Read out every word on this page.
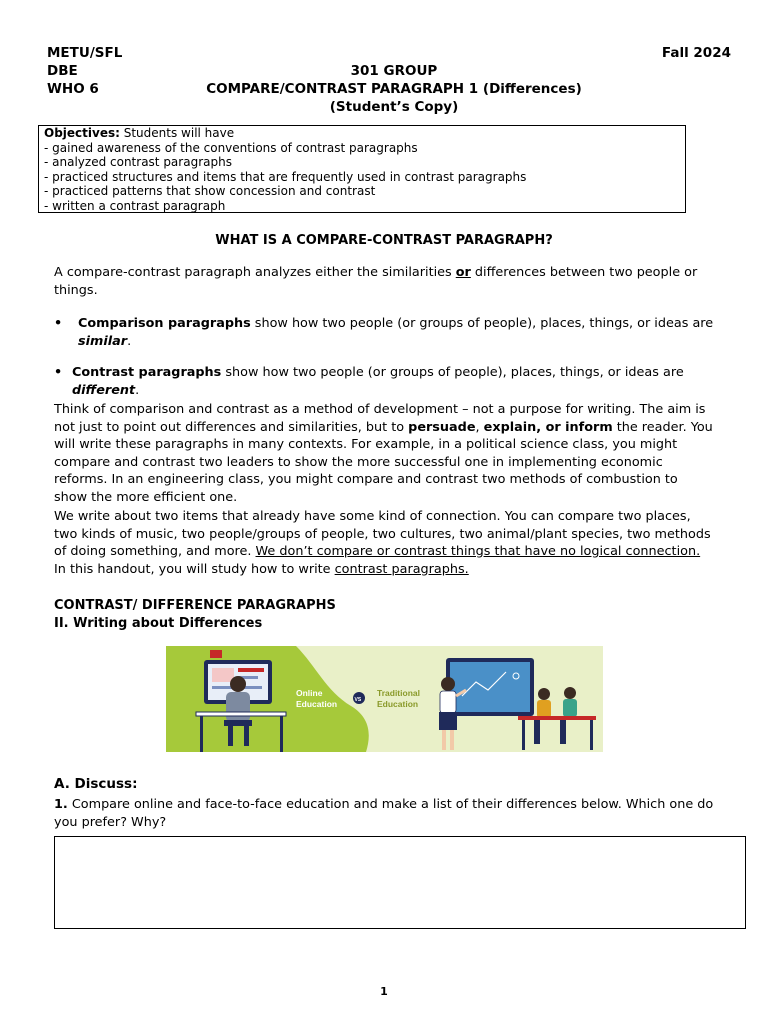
METU/SFL
DBE
WHO 6
Fall 2024
301 GROUP
COMPARE/CONTRAST PARAGRAPH 1 (Differences)
(Student’s Copy)
Objectives: Students will have
- gained awareness of the conventions of contrast paragraphs
- analyzed contrast paragraphs
- practiced structures and items that are frequently used in contrast paragraphs
- practiced patterns that show concession and contrast
- written a contrast paragraph
WHAT IS A COMPARE-CONTRAST PARAGRAPH?
A compare-contrast paragraph analyzes either the similarities or differences between two people or things.
• Comparison paragraphs show how two people (or groups of people), places, things, or ideas are similar.
• Contrast paragraphs show how two people (or groups of people), places, things, or ideas are different.
Think of comparison and contrast as a method of development – not a purpose for writing. The aim is not just to point out differences and similarities, but to persuade, explain, or inform the reader. You will write these paragraphs in many contexts. For example, in a political science class, you might compare and contrast two leaders to show the more successful one in implementing economic reforms. In an engineering class, you might compare and contrast two methods of combustion to show the more efficient one.
We write about two items that already have some kind of connection. You can compare two places, two kinds of music, two people/groups of people, two cultures, two animal/plant species, two methods of doing something, and more. We don’t compare or contrast things that have no logical connection. In this handout, you will study how to write contrast paragraphs.
CONTRAST/ DIFFERENCE PARAGRAPHS
II. Writing about Differences
Online
Education	VS
Traditional
Education
A. Discuss:
1. Compare online and face-to-face education and make a list of their differences below. Which one do you prefer? Why?
1
